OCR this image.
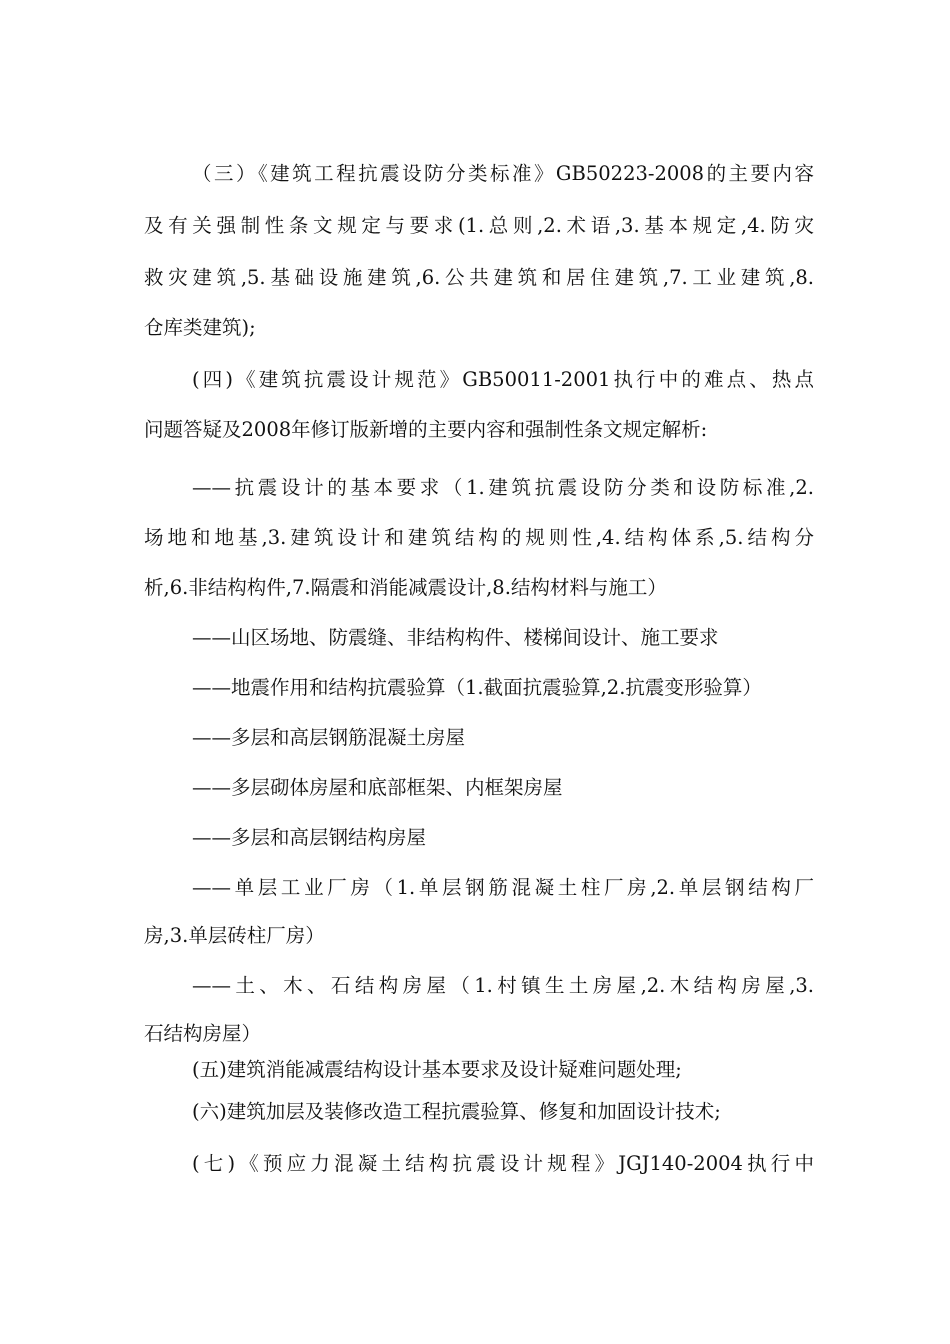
（三）《建筑工程抗震设防分类标准》GB50223-2008的主要内容
及有关强制性条文规定与要求(1.总则,2.术语,3.基本规定,4.防灾
救灾建筑,5.基础设施建筑,6.公共建筑和居住建筑,7.工业建筑,8.
仓库类建筑);
(四)《建筑抗震设计规范》GB50011-2001执行中的难点、热点
问题答疑及2008年修订版新增的主要内容和强制性条文规定解析:
——抗震设计的基本要求（1.建筑抗震设防分类和设防标准,2.
场地和地基,3.建筑设计和建筑结构的规则性,4.结构体系,5.结构分
析,6.非结构构件,7.隔震和消能减震设计,8.结构材料与施工）
——山区场地、防震缝、非结构构件、楼梯间设计、施工要求
——地震作用和结构抗震验算（1.截面抗震验算,2.抗震变形验算）
——多层和高层钢筋混凝土房屋
——多层砌体房屋和底部框架、内框架房屋
——多层和高层钢结构房屋
——单层工业厂房（1.单层钢筋混凝土柱厂房,2.单层钢结构厂
房,3.单层砖柱厂房）
——土、木、石结构房屋（1.村镇生土房屋,2.木结构房屋,3.
石结构房屋）
(五)建筑消能减震结构设计基本要求及设计疑难问题处理;
(六)建筑加层及装修改造工程抗震验算、修复和加固设计技术;
(七)《预应力混凝土结构抗震设计规程》JGJ140-2004执行中
